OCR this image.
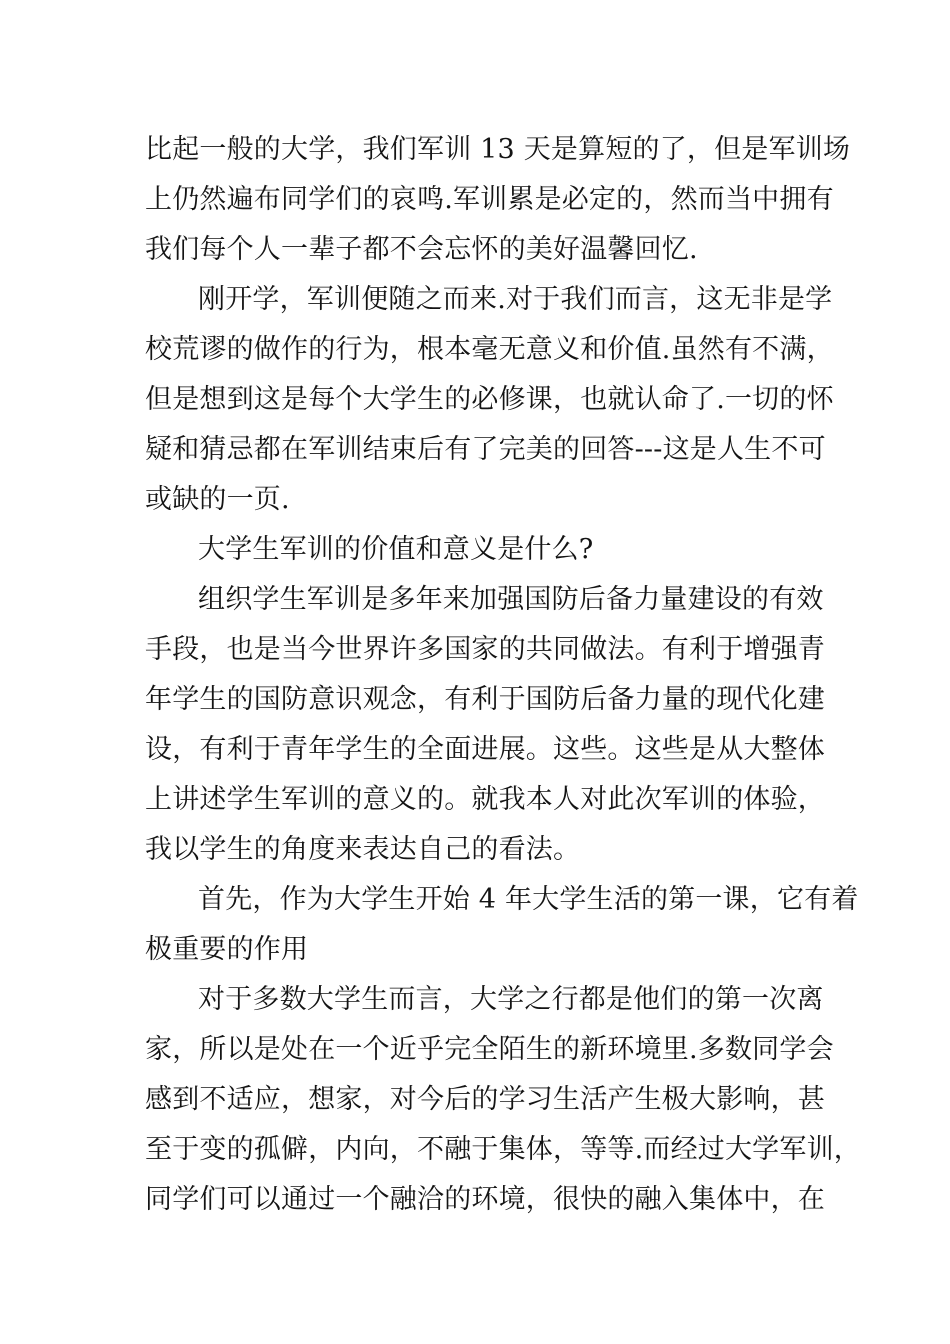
比起一般的大学，我们军训 13 天是算短的了，但是军训场
上仍然遍布同学们的哀鸣.军训累是必定的，然而当中拥有
我们每个人一辈子都不会忘怀的美好温馨回忆.
刚开学，军训便随之而来.对于我们而言，这无非是学
校荒谬的做作的行为，根本毫无意义和价值.虽然有不满，
但是想到这是每个大学生的必修课，也就认命了.一切的怀
疑和猜忌都在军训结束后有了完美的回答---这是人生不可
或缺的一页.
大学生军训的价值和意义是什么?
组织学生军训是多年来加强国防后备力量建设的有效
手段，也是当今世界许多国家的共同做法。有利于增强青
年学生的国防意识观念，有利于国防后备力量的现代化建
设，有利于青年学生的全面进展。这些。这些是从大整体
上讲述学生军训的意义的。就我本人对此次军训的体验，
我以学生的角度来表达自己的看法。
首先，作为大学生开始 4 年大学生活的第一课，它有着
极重要的作用
对于多数大学生而言，大学之行都是他们的第一次离
家，所以是处在一个近乎完全陌生的新环境里.多数同学会
感到不适应，想家，对今后的学习生活产生极大影响，甚
至于变的孤僻，内向，不融于集体，等等.而经过大学军训，
同学们可以通过一个融洽的环境，很快的融入集体中，在
